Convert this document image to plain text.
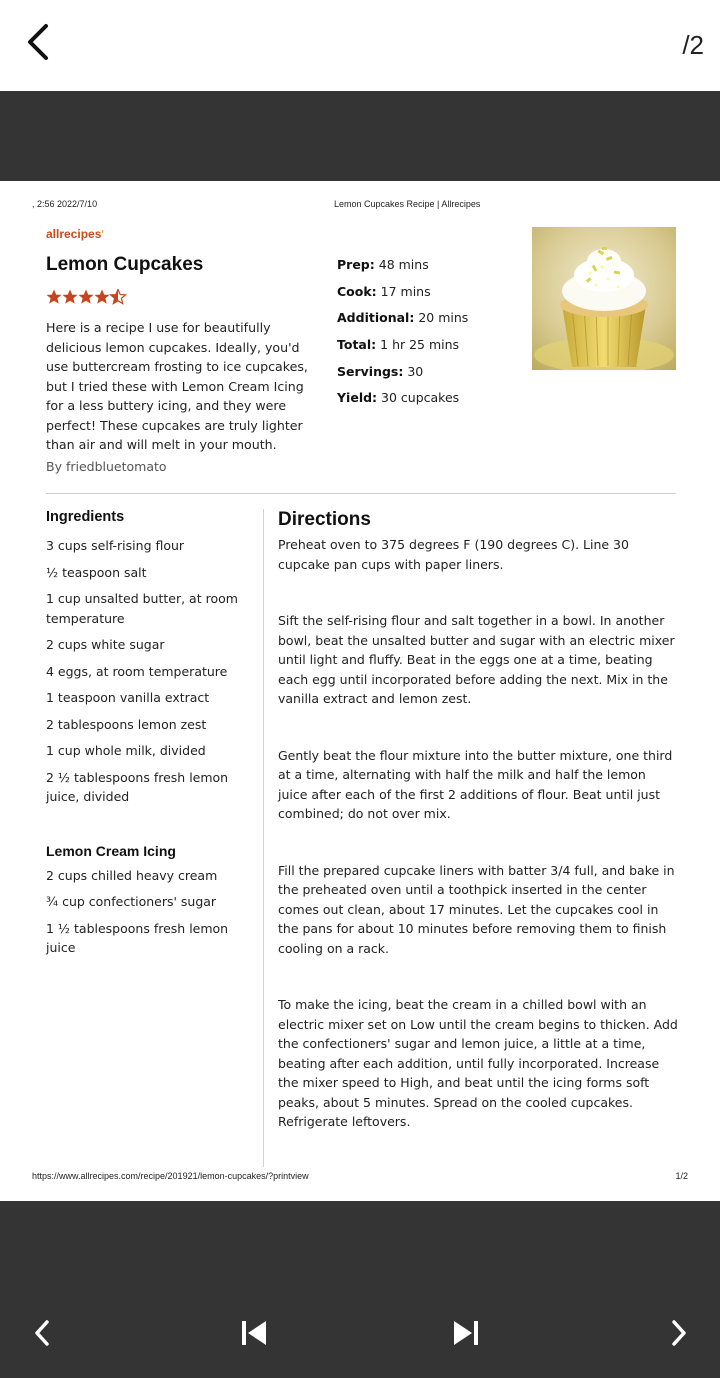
/2
, 2:56 2022/7/10	Lemon Cupcakes Recipe | Allrecipes
allrecipesʹ
Lemon Cupcakes
Here is a recipe I use for beautifully delicious lemon cupcakes. Ideally, you'd use buttercream frosting to ice cupcakes, but I tried these with Lemon Cream Icing for a less buttery icing, and they were perfect! These cupcakes are truly lighter than air and will melt in your mouth.
By friedbluetomato
Prep: 48 mins
Cook: 17 mins
Additional: 20 mins
Total: 1 hr 25 mins
Servings: 30
Yield: 30 cupcakes
Ingredients
3 cups self-rising flour
½ teaspoon salt
1 cup unsalted butter, at room temperature
2 cups white sugar
4 eggs, at room temperature
1 teaspoon vanilla extract
2 tablespoons lemon zest
1 cup whole milk, divided
2 ½ tablespoons fresh lemon juice, divided
Lemon Cream Icing
2 cups chilled heavy cream
¾ cup confectioners' sugar
1 ½ tablespoons fresh lemon juice
Directions
Preheat oven to 375 degrees F (190 degrees C). Line 30 cupcake pan cups with paper liners.
Sift the self-rising flour and salt together in a bowl. In another bowl, beat the unsalted butter and sugar with an electric mixer until light and fluffy. Beat in the eggs one at a time, beating each egg until incorporated before adding the next. Mix in the vanilla extract and lemon zest.
Gently beat the flour mixture into the butter mixture, one third at a time, alternating with half the milk and half the lemon juice after each of the first 2 additions of flour. Beat until just combined; do not over mix.
Fill the prepared cupcake liners with batter 3/4 full, and bake in the preheated oven until a toothpick inserted in the center comes out clean, about 17 minutes. Let the cupcakes cool in the pans for about 10 minutes before removing them to finish cooling on a rack.
To make the icing, beat the cream in a chilled bowl with an electric mixer set on Low until the cream begins to thicken. Add the confectioners' sugar and lemon juice, a little at a time, beating after each addition, until fully incorporated. Increase the mixer speed to High, and beat until the icing forms soft peaks, about 5 minutes. Spread on the cooled cupcakes. Refrigerate leftovers.
https://www.allrecipes.com/recipe/201921/lemon-cupcakes/?printview	1/2
